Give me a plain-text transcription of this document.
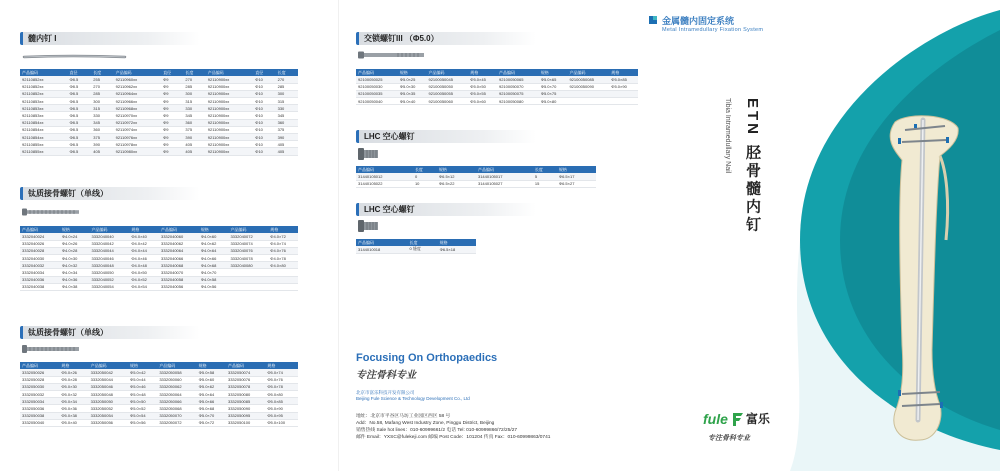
髓内钉 I
产品编码	直径	长度	产品编码	直径	长度	产品编码	直径	长度
92110852xx	Φ8.5	255	92110960xx	Φ9	270	92110900xx	Φ10	270
92110852xx	Φ8.5	270	92110962xx	Φ9	285	92110900xx	Φ10	285
92110852xx	Φ8.5	285	92110964xx	Φ9	300	92110900xx	Φ10	300
92110853xx	Φ8.5	300	92110966xx	Φ9	315	92110900xx	Φ10	315
92110853xx	Φ8.5	315	92110968xx	Φ9	330	92110900xx	Φ10	330
92110853xx	Φ8.5	330	92110970xx	Φ9	345	92110900xx	Φ10	345
92110854xx	Φ8.5	345	92110972xx	Φ9	360	92110900xx	Φ10	360
92110854xx	Φ8.5	360	92110974xx	Φ9	375	92110900xx	Φ10	375
92110854xx	Φ8.5	375	92110976xx	Φ9	390	92110900xx	Φ10	390
92110855xx	Φ8.5	390	92110978xx	Φ9	405	92110900xx	Φ10	405
92110855xx	Φ8.5	405	92110980xx	Φ9	405	92110900xx	Φ10	405
钛质接骨螺钉（单线）
产品编码	规格	产品编码	规格	产品编码	规格	产品编码	规格
3332040024	Φ4.0×24	3332040040	Φ4.0×40	3332040060	Φ4.0×60	3332040072	Φ4.0×72
3332040026	Φ4.0×26	3332040042	Φ4.0×42	3332040062	Φ4.0×62	3332040074	Φ4.0×74
3332040028	Φ4.0×28	3332040044	Φ4.0×44	3332040064	Φ4.0×64	3332040076	Φ4.0×76
3332040030	Φ4.0×30	3332040046	Φ4.0×46	3332040066	Φ4.0×66	3332040078	Φ4.0×78
3332040032	Φ4.0×32	3332040048	Φ4.0×48	3332040068	Φ4.0×68	3332040080	Φ4.0×80
3332040034	Φ4.0×34	3332040050	Φ4.0×50	3332040070	Φ4.0×70		
3332040036	Φ4.0×36	3332040052	Φ4.0×52	3332040058	Φ4.0×58		
3332040038	Φ4.0×38	3332040054	Φ4.0×54	3332040056	Φ4.0×56		
钛质接骨螺钉（单线）
产品编码	规格	产品编码	规格	产品编码	规格	产品编码	规格
3332050026	Φ5.0×26	3332050042	Φ5.0×42	3332050058	Φ5.0×58	3332050074	Φ5.0×74
3332050028	Φ5.0×28	3332050044	Φ5.0×44	3332050060	Φ5.0×60	3332050076	Φ5.0×76
3332050030	Φ5.0×30	3332050046	Φ5.0×46	3332050062	Φ5.0×62	3332050078	Φ5.0×78
3332050032	Φ5.0×32	3332050048	Φ5.0×48	3332050064	Φ5.0×64	3332050080	Φ5.0×80
3332050034	Φ5.0×34	3332050050	Φ5.0×50	3332050066	Φ5.0×66	3332050085	Φ5.0×85
3332050036	Φ5.0×36	3332050052	Φ5.0×52	3332050068	Φ5.0×68	3332050090	Φ5.0×90
3332050038	Φ5.0×38	3332050054	Φ5.0×54	3332050070	Φ5.0×70	3332050095	Φ5.0×95
3332050040	Φ5.0×40	3332050056	Φ5.0×56	3332050072	Φ5.0×72	3332050100	Φ5.0×100
交锁螺钉III （Φ5.0）
产品编码	规格	产品编码	规格	产品编码	规格	产品编码	规格
92100050025	Φ5.0×25	92100050045	Φ5.0×45	92100050065	Φ5.0×65	92100050085	Φ5.0×85
92100050030	Φ5.0×30	92100050050	Φ5.0×50	92100050070	Φ5.0×70	92100050090	Φ5.0×90
92100050035	Φ5.0×35	92100050055	Φ5.0×55	92100050075	Φ5.0×75		
92100050040	Φ5.0×40	92100050060	Φ5.0×60	92100050080	Φ5.0×80		
LHC 空心螺钉
产品编码	长度	规格	产品编码	长度	规格
31440105012	0	Φ6.5×12	31440105017	5	Φ6.5×17
31440105022	10	Φ6.5×22	31440105027	15	Φ6.5×27
LHC 空心螺钉
产品编码	长度	规格
3144010018	0 缝度	Φ6.5×18
Focusing On Orthopaedics
专注骨科专业
北京市富乐科技开发有限公司
Beijing Fule Science & Technology Development Co., Ltd
地址：北京市平谷区马坊工业园区西区 58 号
Add：No.58, Mafang West Industry Zone, Pinggu District, Beijing
销售热线 Sale hot lines：010-60999661/2 电话 Tel: 010-60999866/72/25/27
邮件 Email：YXSC@fulekeji.com 邮编 Post Code：101204 传真 Fax：010-60999863/0741
fule 富乐
专注骨科专业
金属髓内固定系统
Metal Intramedullary Fixation System
ETN 胫骨髓内钉
Tibia Intramedullary Nail
